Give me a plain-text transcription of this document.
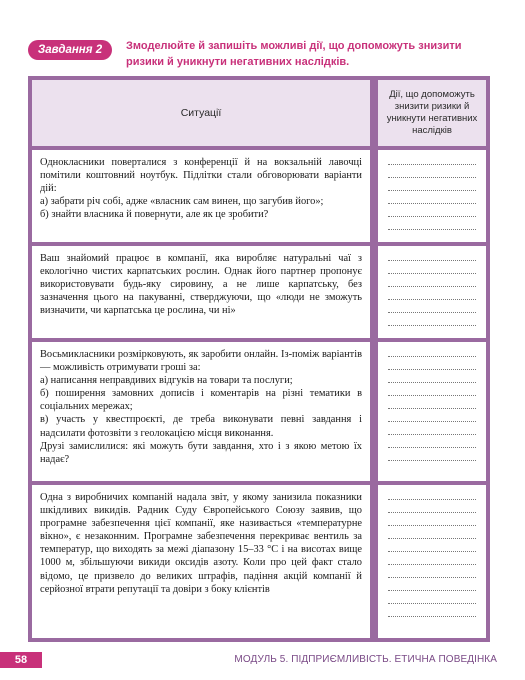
Завдання 2	Змоделюйте й запишіть можливі дії, що допоможуть знизити ризики й уникнути негативних наслідків.
Ситуації
Дії, що допоможуть знизити ризики й уникнути негативних наслідків

Однокласники поверталися з конференції й на вокзальній лавочці помітили коштовний ноутбук. Підлітки стали обговорювати варіанти дій:

а) забрати річ собі, адже «власник сам винен, що загубив його»;

б) знайти власника й повернути, але як це зробити?

Ваш знайомий працює в компанії, яка виробляє натуральні чаї з екологічно чистих карпатських рослин. Однак його партнер пропонує використовувати будь-яку сировину, а не лише карпатську, без зазначення цього на пакуванні, стверджуючи, що «люди не зможуть визначити, чи карпатська це рослина, чи ні»

Восьмикласники розмірковують, як заробити онлайн. Із-поміж варіантів — можливість отримувати гроші за:

а) написання неправдивих відгуків на товари та послуги;

б) поширення замовних дописів і коментарів на різні тематики в соціальних мережах;

в) участь у квестпроєкті, де треба виконувати певні завдання і надсилати фотозвіти з геолокацією місця виконання.

Друзі замислилися: які можуть бути завдання, хто і з якою метою їх надає?

Одна з виробничих компаній надала звіт, у якому занизила показники шкідливих викидів. Радник Суду Європейського Союзу заявив, що програмне забезпечення цієї компанії, яке називається «температурне вікно», є незаконним. Програмне забезпечення перекриває вентиль за температур, що виходять за межі діапазону 15–33 °C і на висотах вище 1000 м, збільшуючи викиди оксидів азоту. Коли про цей факт стало відомо, це призвело до великих штрафів, падіння акцій компанії й серйозної втрати репутації та довіри з боку клієнтів

58	МОДУЛЬ 5. ПІДПРИЄМЛИВІСТЬ. ЕТИЧНА ПОВЕДІНКА
